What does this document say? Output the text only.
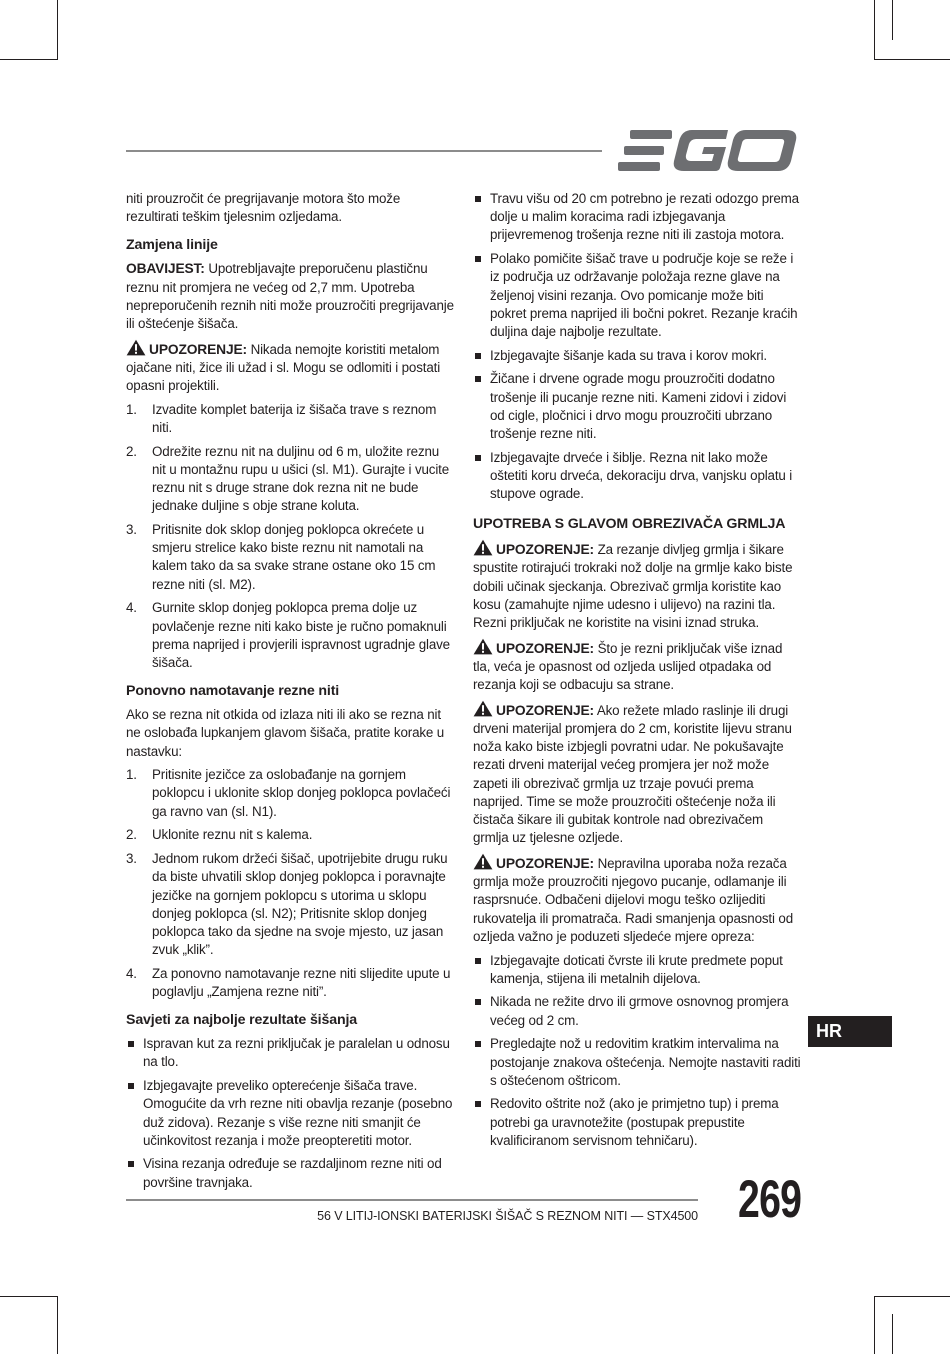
niti prouzročit će pregrijavanje motora što može rezultirati teškim tjelesnim ozljedama.

Zamjena linije

OBAVIJEST: Upotrebljavajte preporučenu plastičnu reznu nit promjera ne većeg od 2,7 mm. Upotreba nepreporučenih reznih niti može prouzročiti pregrijavanje ili oštećenje šišača.

UPOZORENJE: Nikada nemojte koristiti metalom ojačane niti, žice ili užad i sl. Mogu se odlomiti i postati opasni projektili.

1. Izvadite komplet baterija iz šišača trave s reznom niti.
2. Odrežite reznu nit na duljinu od 6 m, uložite reznu nit u montažnu rupu u ušici (sl. M1). Gurajte i vucite reznu nit s druge strane dok rezna nit ne bude jednake duljine s obje strane koluta.
3. Pritisnite dok sklop donjeg poklopca okrećete u smjeru strelice kako biste reznu nit namotali na kalem tako da sa svake strane ostane oko 15 cm rezne niti (sl. M2).
4. Gurnite sklop donjeg poklopca prema dolje uz povlačenje rezne niti kako biste je ručno pomaknuli prema naprijed i provjerili ispravnost ugradnje glave šišača.
Ponovno namotavanje rezne niti

Ako se rezna nit otkida od izlaza niti ili ako se rezna nit ne oslobađa lupkanjem glavom šišača, pratite korake u nastavku:

1. Pritisnite jezičce za oslobađanje na gornjem poklopcu i uklonite sklop donjeg poklopca povlačeći ga ravno van (sl. N1).
2. Uklonite reznu nit s kalema.
3. Jednom rukom držeći šišač, upotrijebite drugu ruku da biste uhvatili sklop donjeg poklopca i poravnajte jezičke na gornjem poklopcu s utorima u sklopu donjeg poklopca (sl. N2); Pritisnite sklop donjeg poklopca tako da sjedne na svoje mjesto, uz jasan zvuk „klik”.
4. Za ponovno namotavanje rezne niti slijedite upute u poglavlju „Zamjena rezne niti”.
Savjeti za najbolje rezultate šišanja
Ispravan kut za rezni priključak je paralelan u odnosu na tlo.
Izbjegavajte preveliko opterećenje šišača trave. Omogućite da vrh rezne niti obavlja rezanje (posebno duž zidova). Rezanje s više rezne niti smanjit će učinkovitost rezanja i može preopteretiti motor.
Visina rezanja određuje se razdaljinom rezne niti od površine travnjaka.
Travu višu od 20 cm potrebno je rezati odozgo prema dolje u malim koracima radi izbjegavanja prijevremenog trošenja rezne niti ili zastoja motora.
Polako pomičite šišač trave u područje koje se reže i iz područja uz održavanje položaja rezne glave na željenoj visini rezanja. Ovo pomicanje može biti pokret prema naprijed ili bočni pokret. Rezanje kraćih duljina daje najbolje rezultate.
Izbjegavajte šišanje kada su trava i korov mokri.
Žičane i drvene ograde mogu prouzročiti dodatno trošenje ili pucanje rezne niti. Kameni zidovi i zidovi od cigle, pločnici i drvo mogu prouzročiti ubrzano trošenje rezne niti.
Izbjegavajte drveće i šiblje. Rezna nit lako može oštetiti koru drveća, dekoraciju drva, vanjsku oplatu i stupove ograde.
UPOTREBA S GLAVOM OBREZIVAČA GRMLJA

UPOZORENJE: Za rezanje divljeg grmlja i šikare spustite rotirajući trokraki nož dolje na grmlje kako biste dobili učinak sjeckanja. Obrezivač grmlja koristite kao kosu (zamahujte njime udesno i ulijevo) na razini tla. Rezni priključak ne koristite na visini iznad struka.

UPOZORENJE: Što je rezni priključak više iznad tla, veća je opasnost od ozljeda uslijed otpadaka od rezanja koji se odbacuju sa strane.

UPOZORENJE: Ako režete mlado raslinje ili drugi drveni materijal promjera do 2 cm, koristite lijevu stranu noža kako biste izbjegli povratni udar. Ne pokušavajte rezati drveni materijal većeg promjera jer nož može zapeti ili obrezivač grmlja uz trzaje povući prema naprijed. Time se može prouzročiti oštećenje noža ili čistača šikare ili gubitak kontrole nad obrezivačem grmlja uz tjelesne ozljede.

UPOZORENJE: Nepravilna uporaba noža rezača grmlja može prouzročiti njegovo pucanje, odlamanje ili rasprsnuće. Odbačeni dijelovi mogu teško ozlijediti rukovatelja ili promatrača. Radi smanjenja opasnosti od ozljeda važno je poduzeti sljedeće mjere opreza:

Izbjegavajte doticati čvrste ili krute predmete poput kamenja, stijena ili metalnih dijelova.
Nikada ne režite drvo ili grmove osnovnog promjera većeg od 2 cm.
Pregledajte nož u redovitim kratkim intervalima na postojanje znakova oštećenja. Nemojte nastaviti raditi s oštećenom oštricom.
Redovito oštrite nož (ako je primjetno tup) i prema potrebi ga uravnotežite (postupak prepustite kvalificiranom servisnom tehničaru).
HR
56 V LITIJ-IONSKI BATERIJSKI ŠIŠAČ S REZNOM NITI — STX4500 269
